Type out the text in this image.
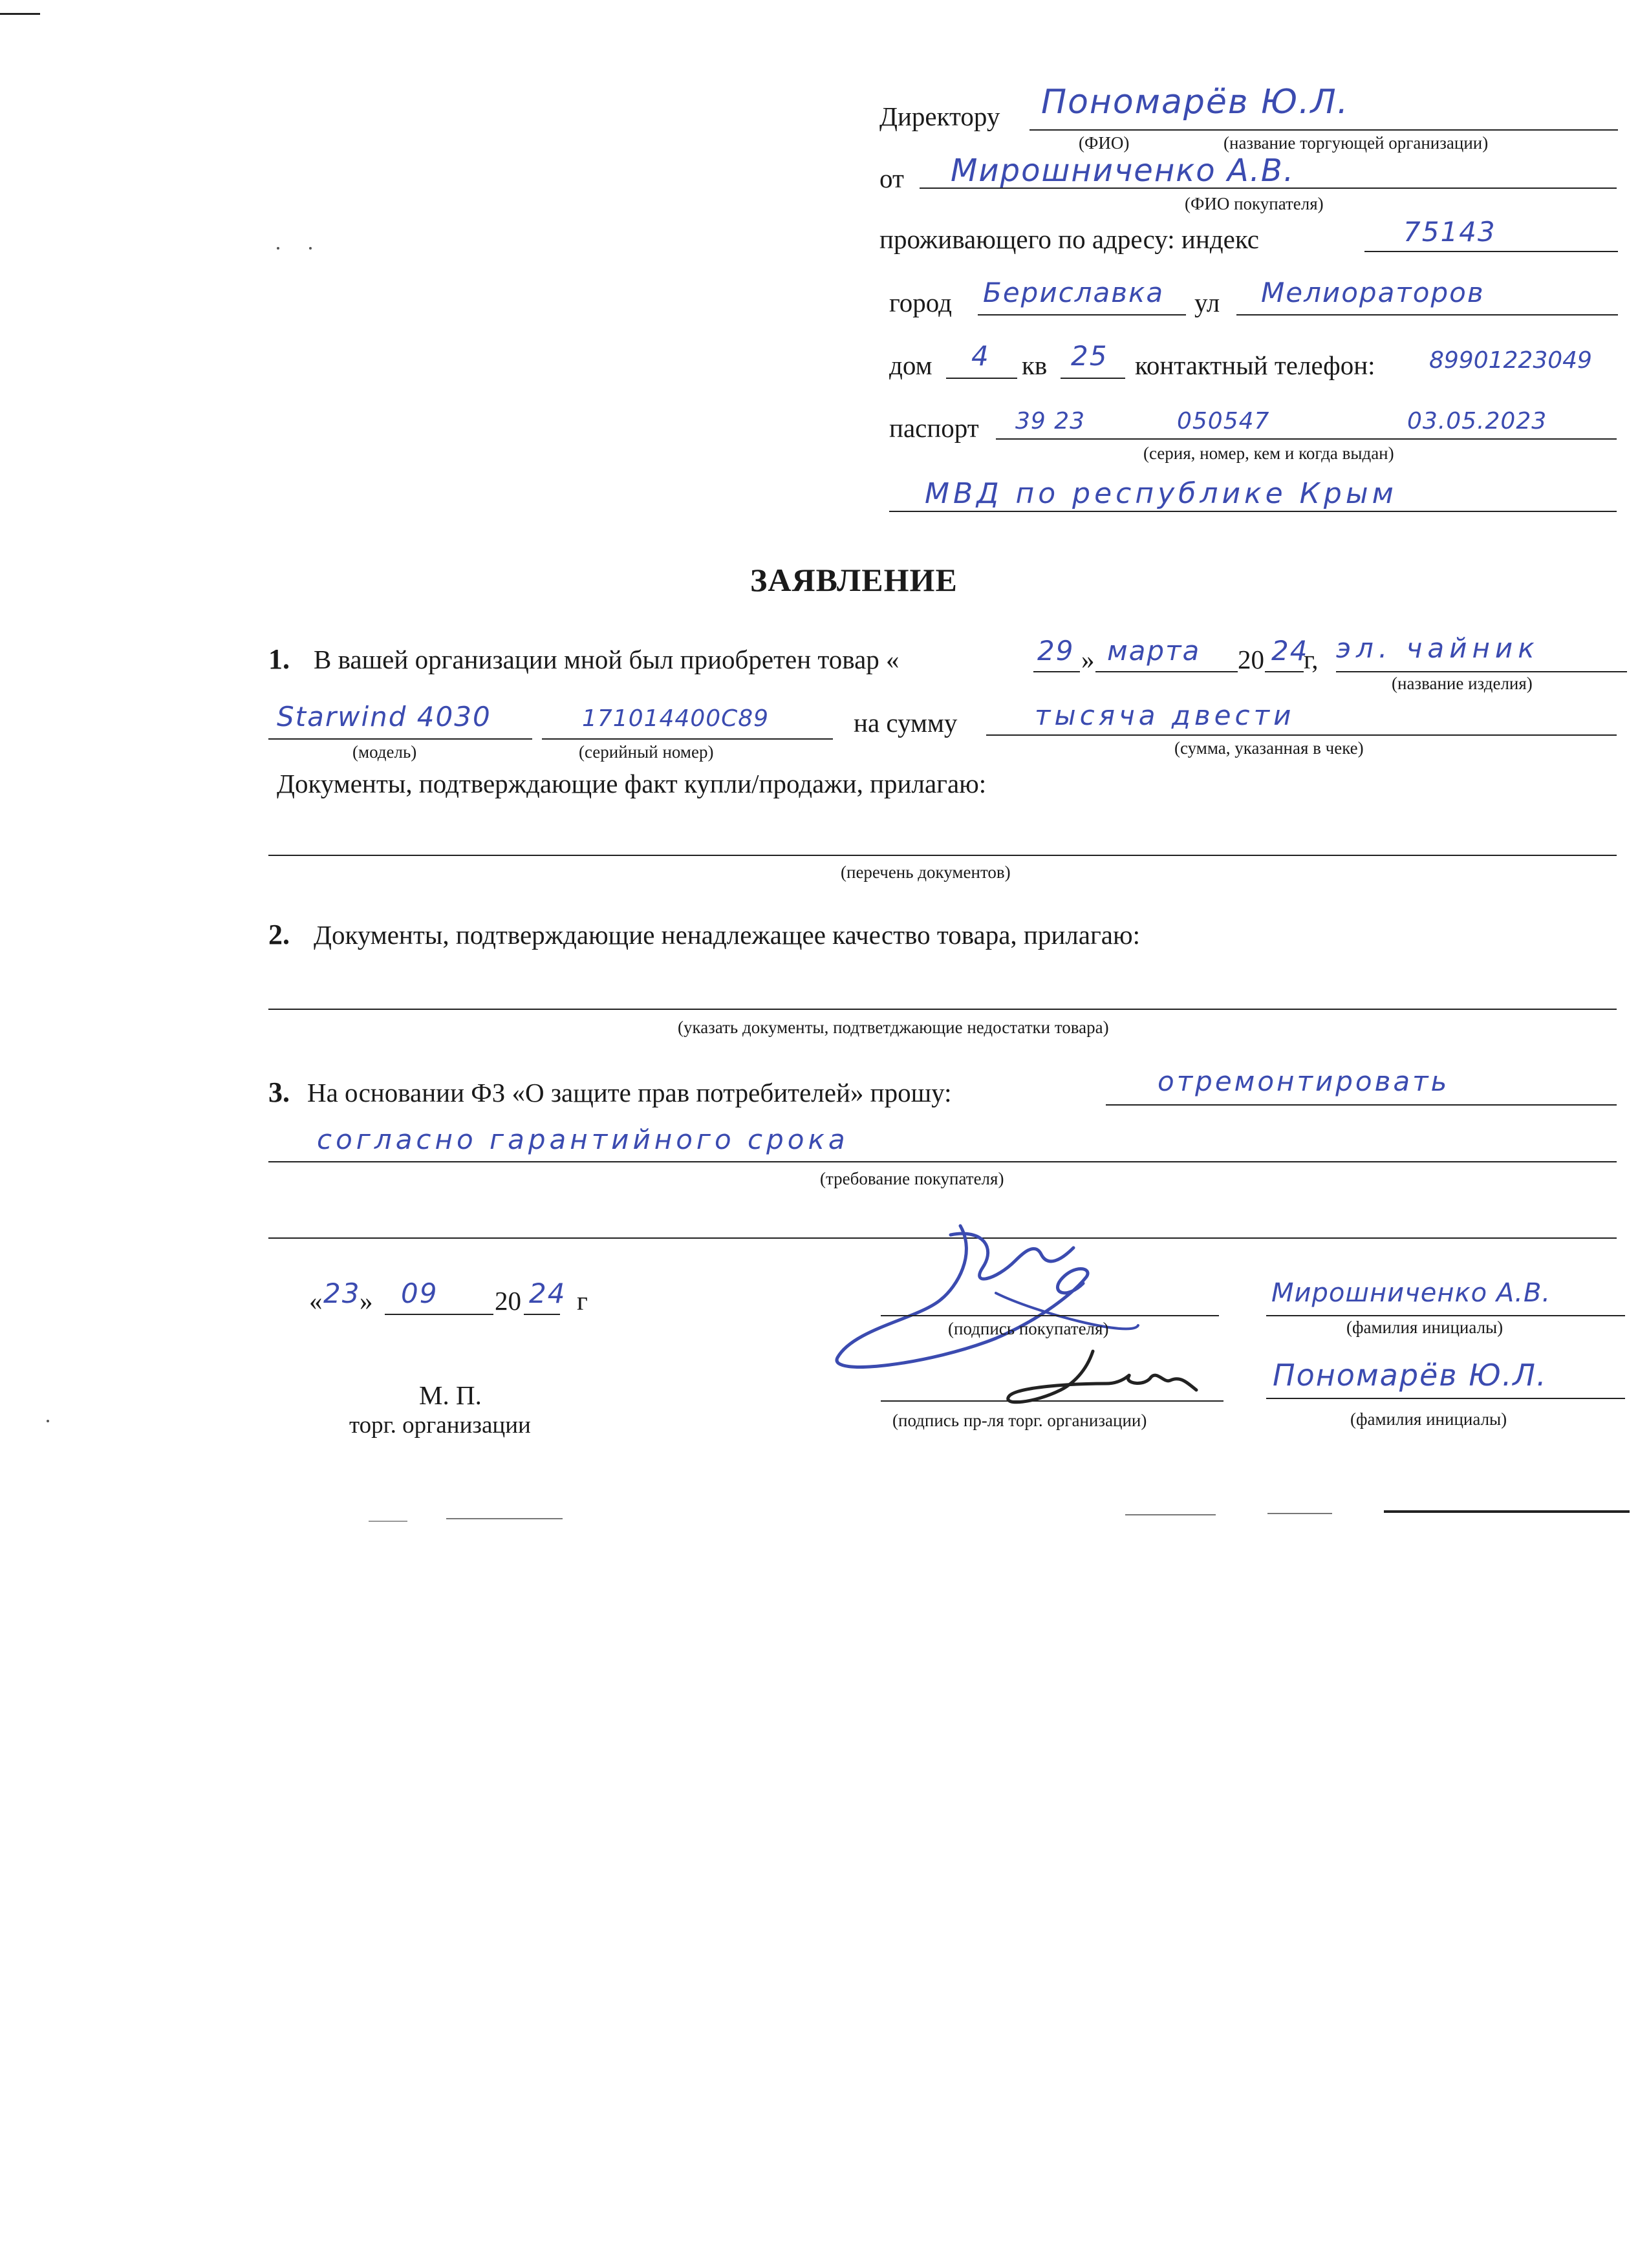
Директору Пономарёв Ю.Л.
(ФИО)	(название торгующей организации)
от Мирошниченко А.В.
(ФИО покупателя)
проживающего по адресу: индекс	75143
город Бериславка ул Мелиораторов
дом 4 кв 25 контактный телефон: 89901223049
паспорт 39 23	050547	03.05.2023
(серия, номер, кем и когда выдан)
МВД по республике Крым
ЗАЯВЛЕНИЕ
1. В вашей организации мной был приобретен товар «	29 » марта 20 24
г, эл. чайник
(название изделия)
Starwind 4030
(модель)
171014400C89
(серийный номер)
на сумму	тысяча двести
(сумма, указанная в чеке)
Документы, подтверждающие факт купли/продажи, прилагаю:
(перечень документов)
2. Документы, подтверждающие ненадлежащее качество товара, прилагаю:
(указать документы, подтветджающие недостатки товара)
3. На основании ФЗ «О защите прав потребителей» прошу:	отремонтировать
согласно гарантийного срока
(требование покупателя)
« 23
» 09 20 24 г
(подпись покупателя)
Мирошниченко А.В.
(фамилия инициалы)
М. П.
торг. организации	(подпись пр-ля торг. организации)
Пономарёв Ю.Л.
(фамилия инициалы)
